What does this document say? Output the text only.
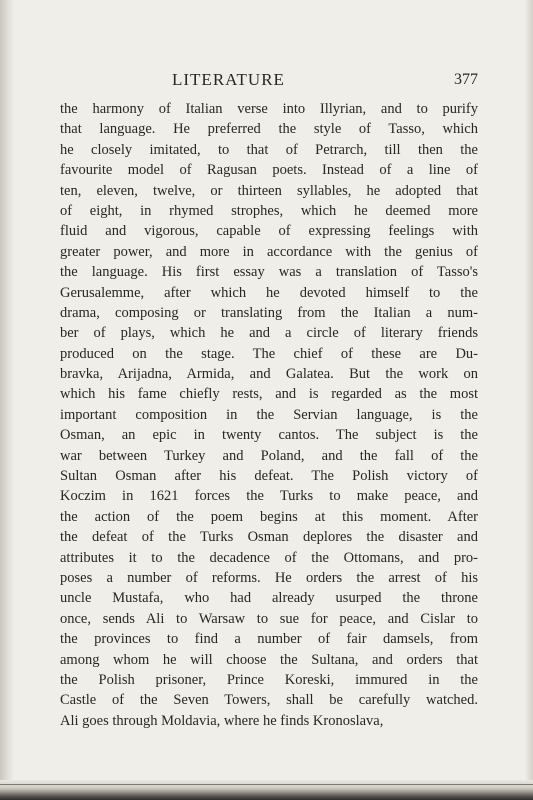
LITERATURE	377
the harmony of Italian verse into Illyrian, and to purify
that language. He preferred the style of Tasso, which
he closely imitated, to that of Petrarch, till then the
favourite model of Ragusan poets. Instead of a line of
ten, eleven, twelve, or thirteen syllables, he adopted that
of eight, in rhymed strophes, which he deemed more
fluid and vigorous, capable of expressing feelings with
greater power, and more in accordance with the genius of
the language. His first essay was a translation of Tasso's
Gerusalemme, after which he devoted himself to the
drama, composing or translating from the Italian a num-
ber of plays, which he and a circle of literary friends
produced on the stage. The chief of these are Du-
bravka, Arijadna, Armida, and Galatea. But the work on
which his fame chiefly rests, and is regarded as the most
important composition in the Servian language, is the
Osman, an epic in twenty cantos. The subject is the
war between Turkey and Poland, and the fall of the
Sultan Osman after his defeat. The Polish victory of
Koczim in 1621 forces the Turks to make peace, and
the action of the poem begins at this moment. After
the defeat of the Turks Osman deplores the disaster and
attributes it to the decadence of the Ottomans, and pro-
poses a number of reforms. He orders the arrest of his
uncle Mustafa, who had already usurped the throne
once, sends Ali to Warsaw to sue for peace, and Cislar to
the provinces to find a number of fair damsels, from
among whom he will choose the Sultana, and orders that
the Polish prisoner, Prince Koreski, immured in the
Castle of the Seven Towers, shall be carefully watched.
Ali goes through Moldavia, where he finds Kronoslava,
